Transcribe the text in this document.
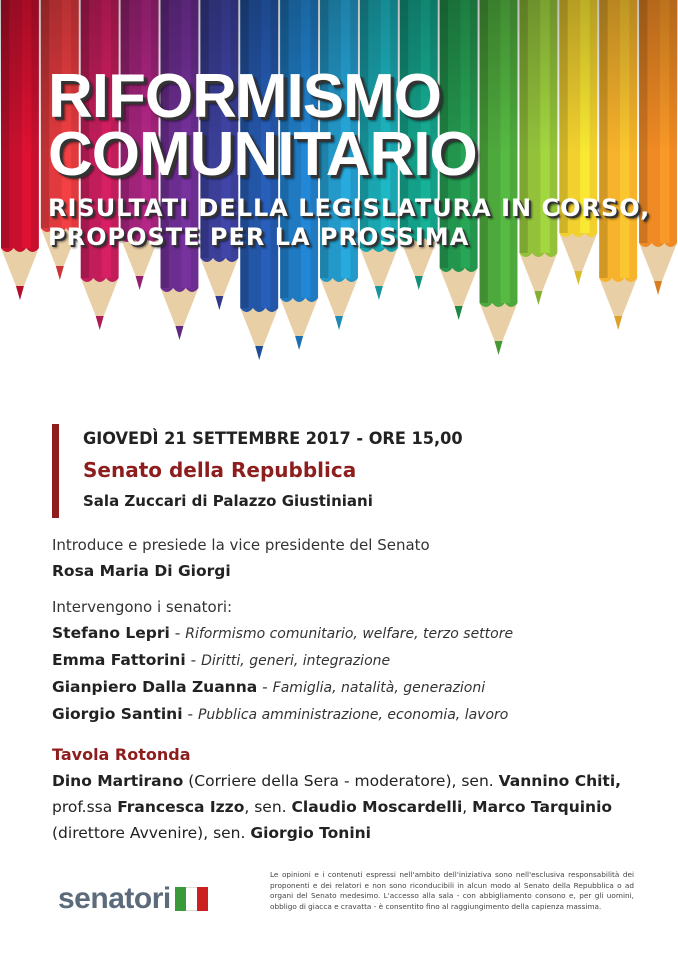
RIFORMISMO
COMUNITARIO
RISULTATI DELLA LEGISLATURA IN CORSO,
PROPOSTE PER LA PROSSIMA
GIOVEDÌ 21 SETTEMBRE 2017 - ORE 15,00
Senato della Repubblica
Sala Zuccari di Palazzo Giustiniani
Introduce e presiede la vice presidente del Senato
Rosa Maria Di Giorgi
Intervengono i senatori:
Stefano Lepri - Riformismo comunitario, welfare, terzo settore
Emma Fattorini - Diritti, generi, integrazione
Gianpiero Dalla Zuanna - Famiglia, natalità, generazioni
Giorgio Santini - Pubblica amministrazione, economia, lavoro
Tavola Rotonda
Dino Martirano (Corriere della Sera - moderatore), sen. Vannino Chiti, prof.ssa Francesca Izzo, sen. Claudio Moscardelli, Marco Tarquinio (direttore Avvenire), sen. Giorgio Tonini
senatori
Le opinioni e i contenuti espressi nell'ambito dell'iniziativa sono nell'esclusiva responsabilità dei proponenti e dei relatori e non sono riconducibili in alcun modo al Senato della Repubblica o ad organi del Senato medesimo. L'accesso alla sala - con abbigliamento consono e, per gli uomini, obbligo di giacca e cravatta - è consentito fino al raggiungimento della capienza massima.
